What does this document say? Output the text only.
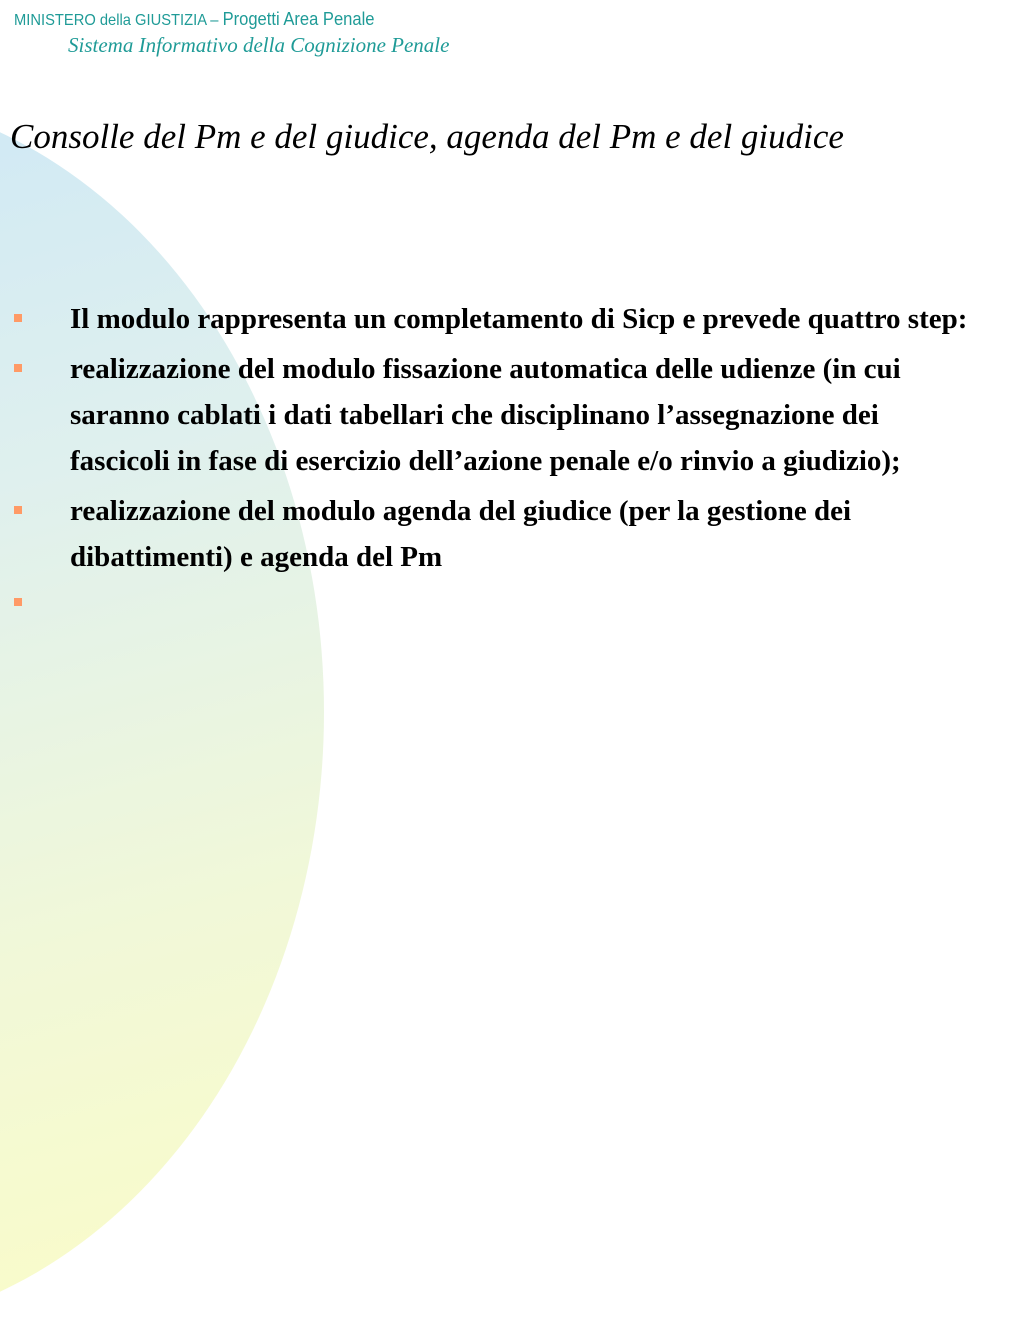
MINISTERO della GIUSTIZIA – Progetti Area Penale
Sistema Informativo della Cognizione Penale
Consolle del Pm e del giudice, agenda del Pm e del giudice
Il modulo rappresenta un completamento di Sicp e prevede quattro step:
realizzazione del modulo fissazione automatica delle udienze (in cui saranno cablati i dati tabellari che disciplinano l’assegnazione dei fascicoli in fase di esercizio dell’azione penale e/o rinvio a giudizio);
realizzazione del modulo agenda del giudice (per la gestione dei dibattimenti) e agenda del Pm
